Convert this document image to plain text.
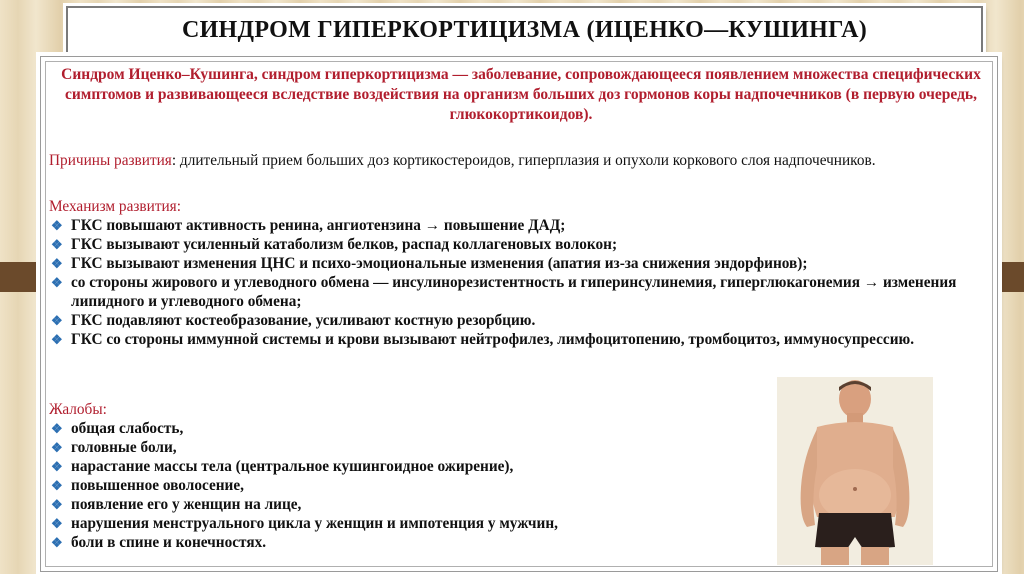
СИНДРОМ ГИПЕРКОРТИЦИЗМА (ИЦЕНКО—КУШИНГА)
Синдром Иценко–Кушинга, синдром гиперкортицизма — заболевание, сопровождающееся появлением множества специфических симптомов и развивающееся вследствие воздействия на организм больших доз гормонов коры надпочечников (в первую очередь, глюкокортикоидов).
Причины развития: длительный прием больших доз кортикостероидов, гиперплазия и опухоли коркового слоя надпочечников.
Механизм развития:
❖ ГКС повышают активность ренина, ангиотензина → повышение ДАД;
❖ ГКС вызывают усиленный катаболизм белков, распад коллагеновых волокон;
❖ ГКС вызывают изменения ЦНС и психо-эмоциональные изменения (апатия из-за снижения эндорфинов);
❖ со стороны жирового и углеводного обмена — инсулинорезистентность и гиперинсулинемия, гиперглюкагонемия → изменения липидного и углеводного обмена;
❖ ГКС подавляют костеобразование, усиливают костную резорбцию.
❖ ГКС со стороны иммунной системы и крови вызывают нейтрофилез, лимфоцитопению, тромбоцитоз, иммуносупрессию.
Жалобы:
❖ общая слабость,
❖ головные боли,
❖ нарастание массы тела (центральное кушингоидное ожирение),
❖ повышенное оволосение,
❖ появление его у женщин на лице,
❖ нарушения менструального цикла у женщин и импотенция у мужчин,
❖ боли в спине и конечностях.
